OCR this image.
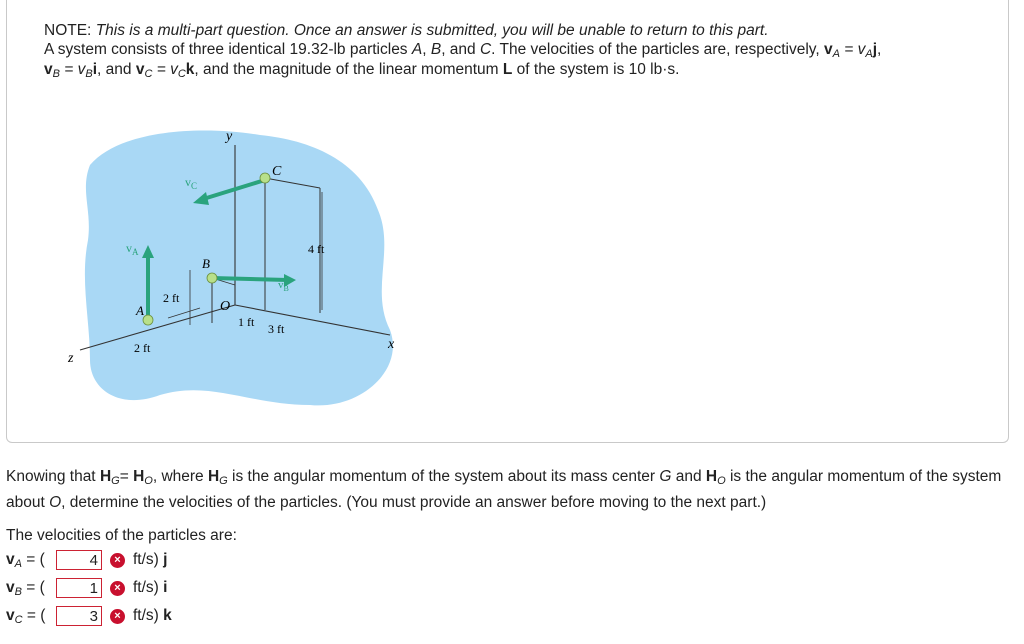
NOTE: This is a multi-part question. Once an answer is submitted, you will be unable to return to this part.
A system consists of three identical 19.32-lb particles A, B, and C. The velocities of the particles are, respectively, $v_A = v_Aj$,
$v_B = v_Bi$, and $v_C = v_Ck$, and the magnitude of the linear momentum L of the system is 10 lb·s.
y
x
z
O
C
$v_C$
4 ft
B
$v_B$
A
$v_A$
2 ft
2 ft
1 ft 3 ft
Knowing that $H_G= H_O$, where $H_G$ is the angular momentum of the system about its mass center G and $H_O$ is the angular momentum of the system about O, determine the velocities of the particles. (You must provide an answer before moving to the next part.)
The velocities of the particles are:
$v_A$ = (
4	× ft/s) j
$v_B$ = (
1	× ft/s) i
$v_C$ = (
3	× ft/s) k
